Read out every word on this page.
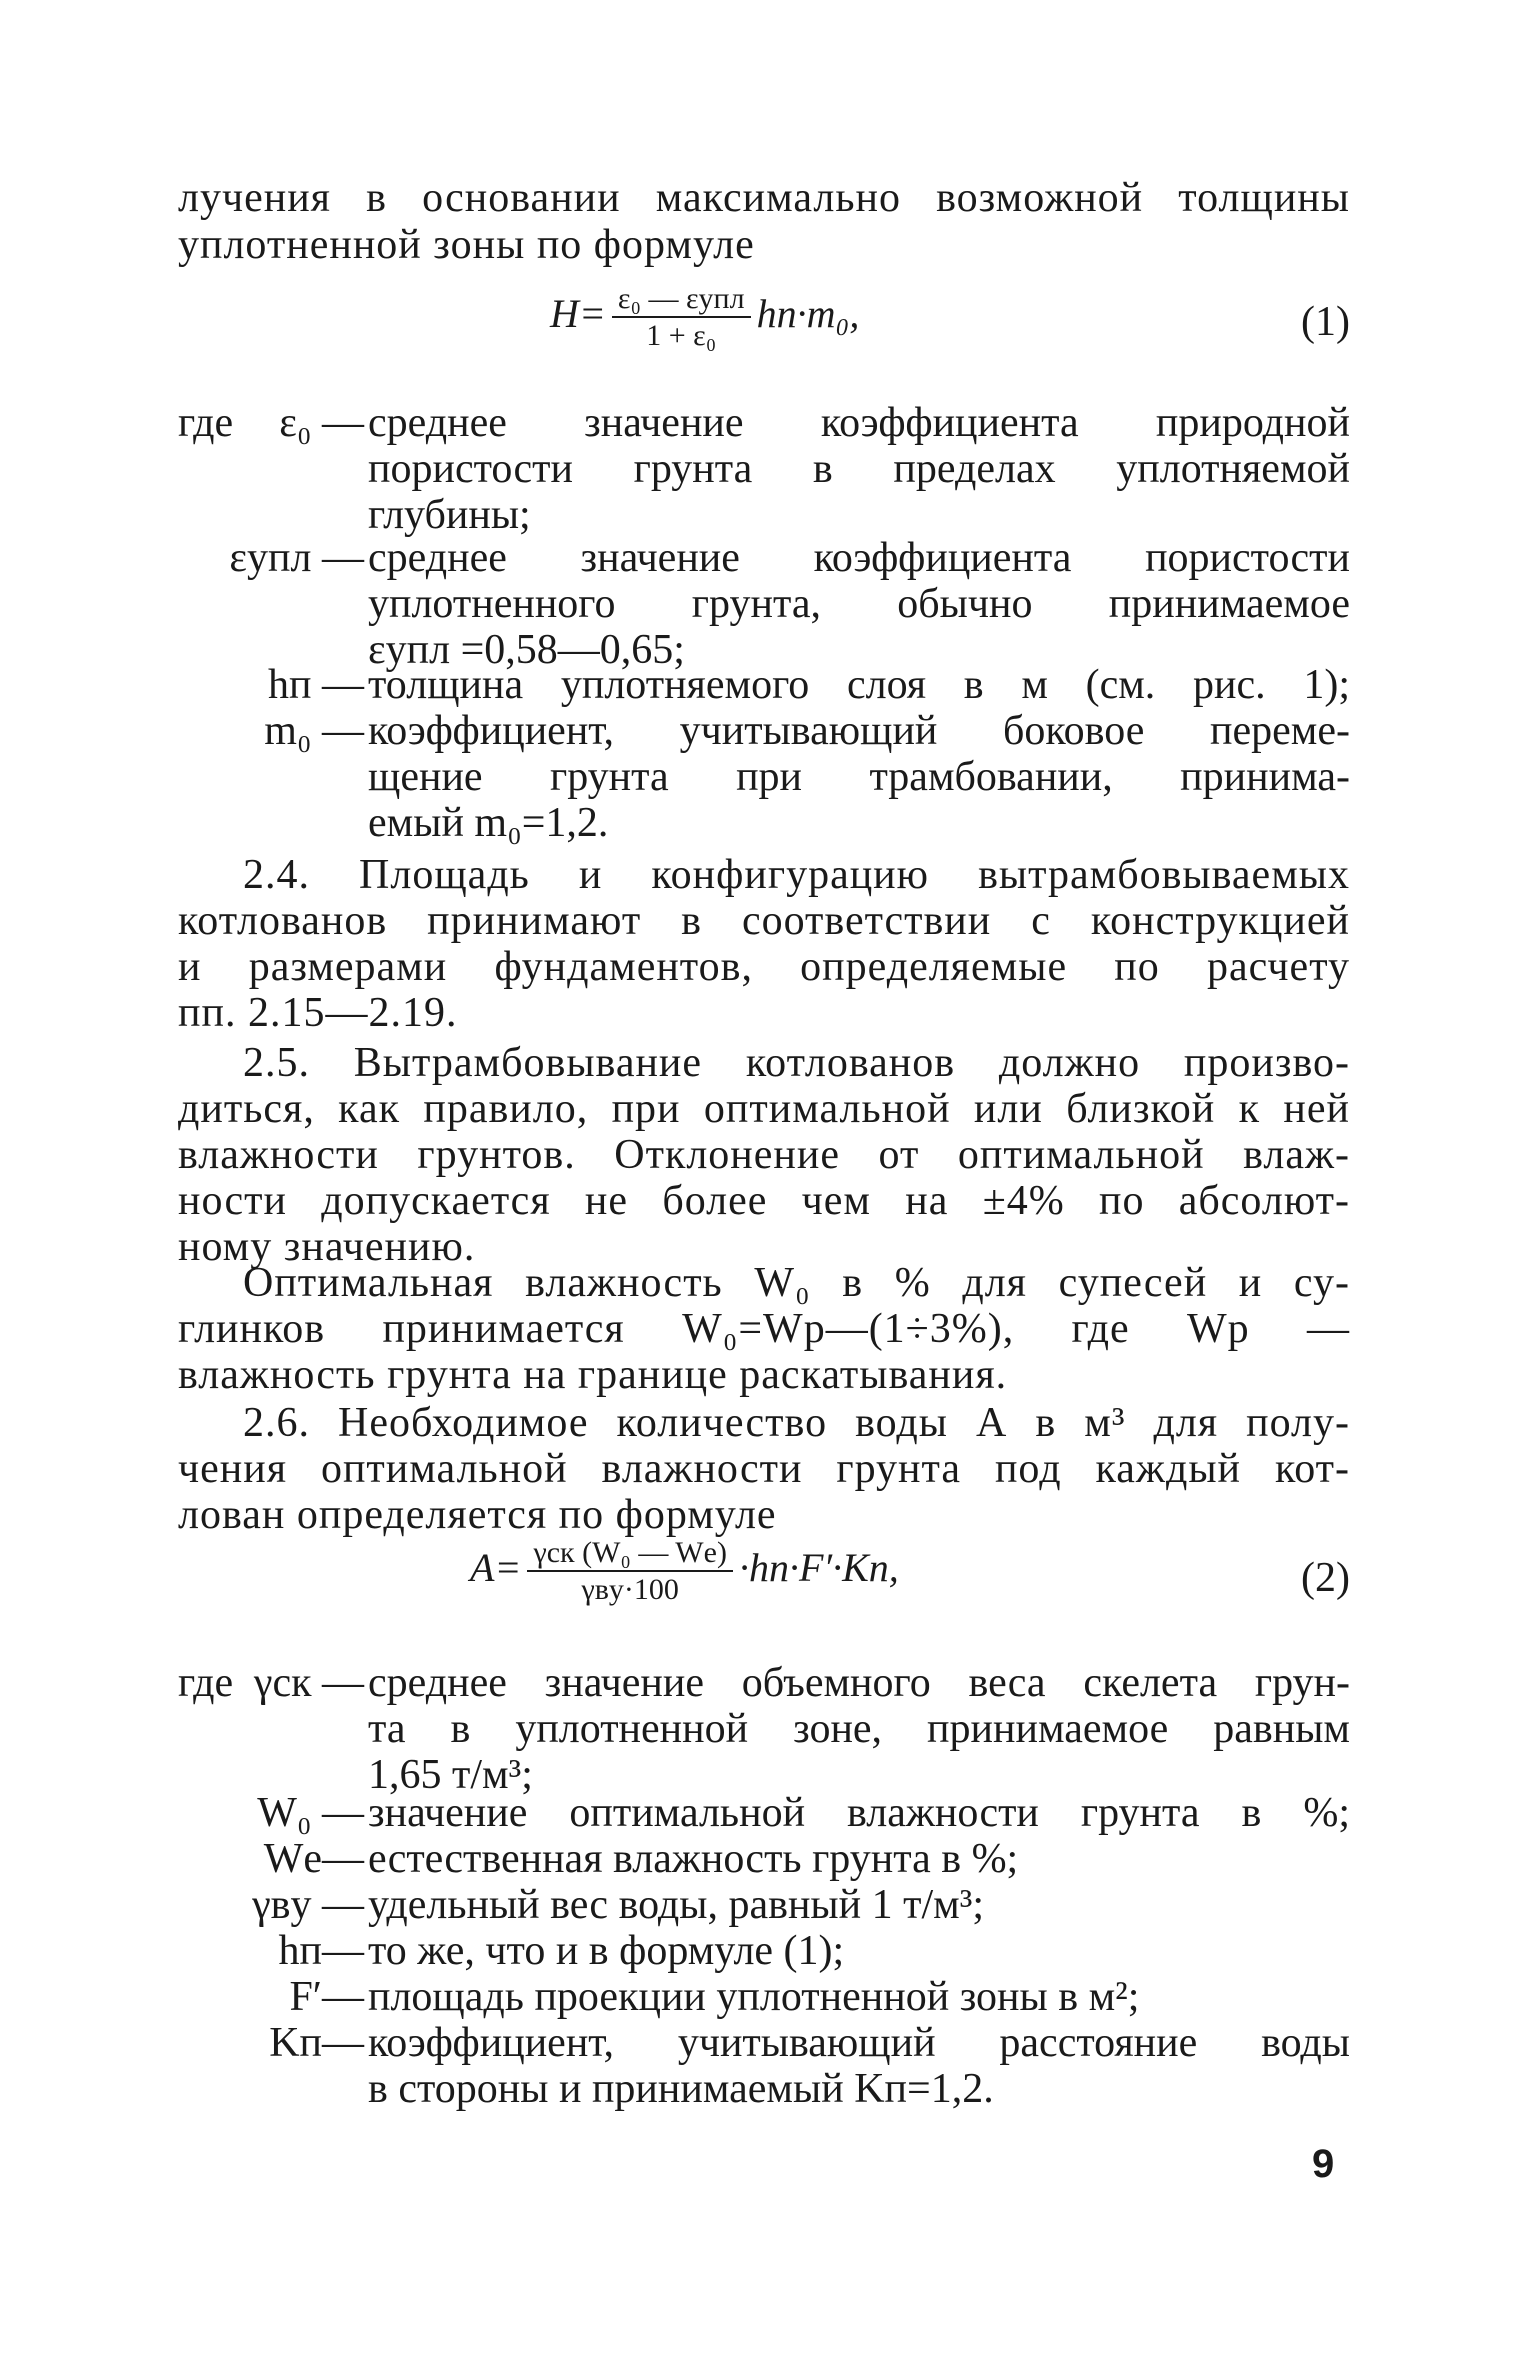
лучения в основании максимально возможной толщины
уплотненной зоны по формуле
$H= \frac{\text{ε₀ — εупл}}{\text{1 + ε₀}} hп\cdot m_0$,	(1)
где	ε₀ — среднее значение коэффициента природной
пористости грунта в пределах уплотняемой
глубины;
εупл — среднее значение коэффициента пористости
уплотненного грунта, обычно принимаемое
εупл =0,58—0,65;
hп — толщина уплотняемого слоя в м (см. рис. 1);
m₀ — коэффициент, учитывающий боковое переме-
щение грунта при трамбовании, принима-
емый m₀=1,2.
2.4. Площадь и конфигурацию вытрамбовываемых
котлованов принимают в соответствии с конструкцией
и размерами фундаментов, определяемые по расчету
пп. 2.15—2.19.
2.5. Вытрамбовывание котлованов должно произво-
диться, как правило, при оптимальной или близкой к ней
влажности грунтов. Отклонение от оптимальной влаж-
ности допускается не более чем на ±4% по абсолют-
ному значению.
Оптимальная влажность W₀ в % для супесей и су-
глинков принимается W₀=Wр—(1÷3%), где Wр —
влажность грунта на границе раскатывания.
2.6. Необходимое количество воды А в м³ для полу-
чения оптимальной влажности грунта под каждый кот-
лован определяется по формуле
$A= \frac{\text{γск (W₀ — Wе)}}{\text{γвy·100}} \cdot hп\cdot F'\cdot Kп$,	(2)
где γск — среднее значение объемного веса скелета грун-
та в уплотненной зоне, принимаемое равным
1,65 т/м³;
W₀ — значение оптимальной влажности грунта в %;
Wе— естественная влажность грунта в %;
γвy — удельный вес воды, равный 1 т/м³;
hп— то же, что и в формуле (1);
F′— площадь проекции уплотненной зоны в м²;
Kп— коэффициент, учитывающий расстояние воды
в стороны и принимаемый Kп=1,2.
9
